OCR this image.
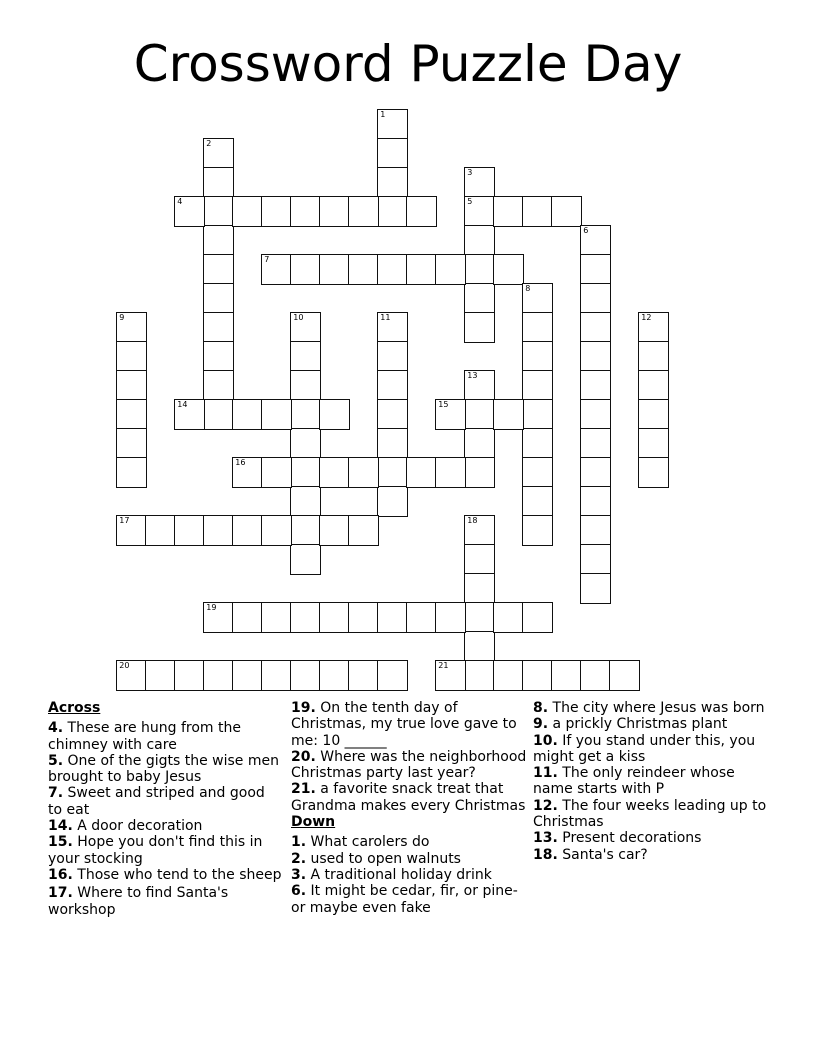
Crossword Puzzle Day
1
2
3
5
4
6
7
8
9	10	11	12
13
14	15
16
17	18
19
20	21
Across

4. These are hung from the chimney with care

5. One of the gigts the wise men brought to baby Jesus

7. Sweet and striped and good to eat

14. A door decoration

15. Hope you don't find this in your stocking

16. Those who tend to the sheep

17. Where to find Santa's workshop

19. On the tenth day of Christmas, my true love gave to me: 10 ______

20. Where was the neighborhood Christmas party last year?

21. a favorite snack treat that Grandma makes every Christmas

Down

1. What carolers do

2. used to open walnuts

3. A traditional holiday drink

6. It might be cedar, fir, or pine- or maybe even fake

8. The city where Jesus was born

9. a prickly Christmas plant

10. If you stand under this, you might get a kiss

11. The only reindeer whose name starts with P

12. The four weeks leading up to Christmas

13. Present decorations

18. Santa's car?
